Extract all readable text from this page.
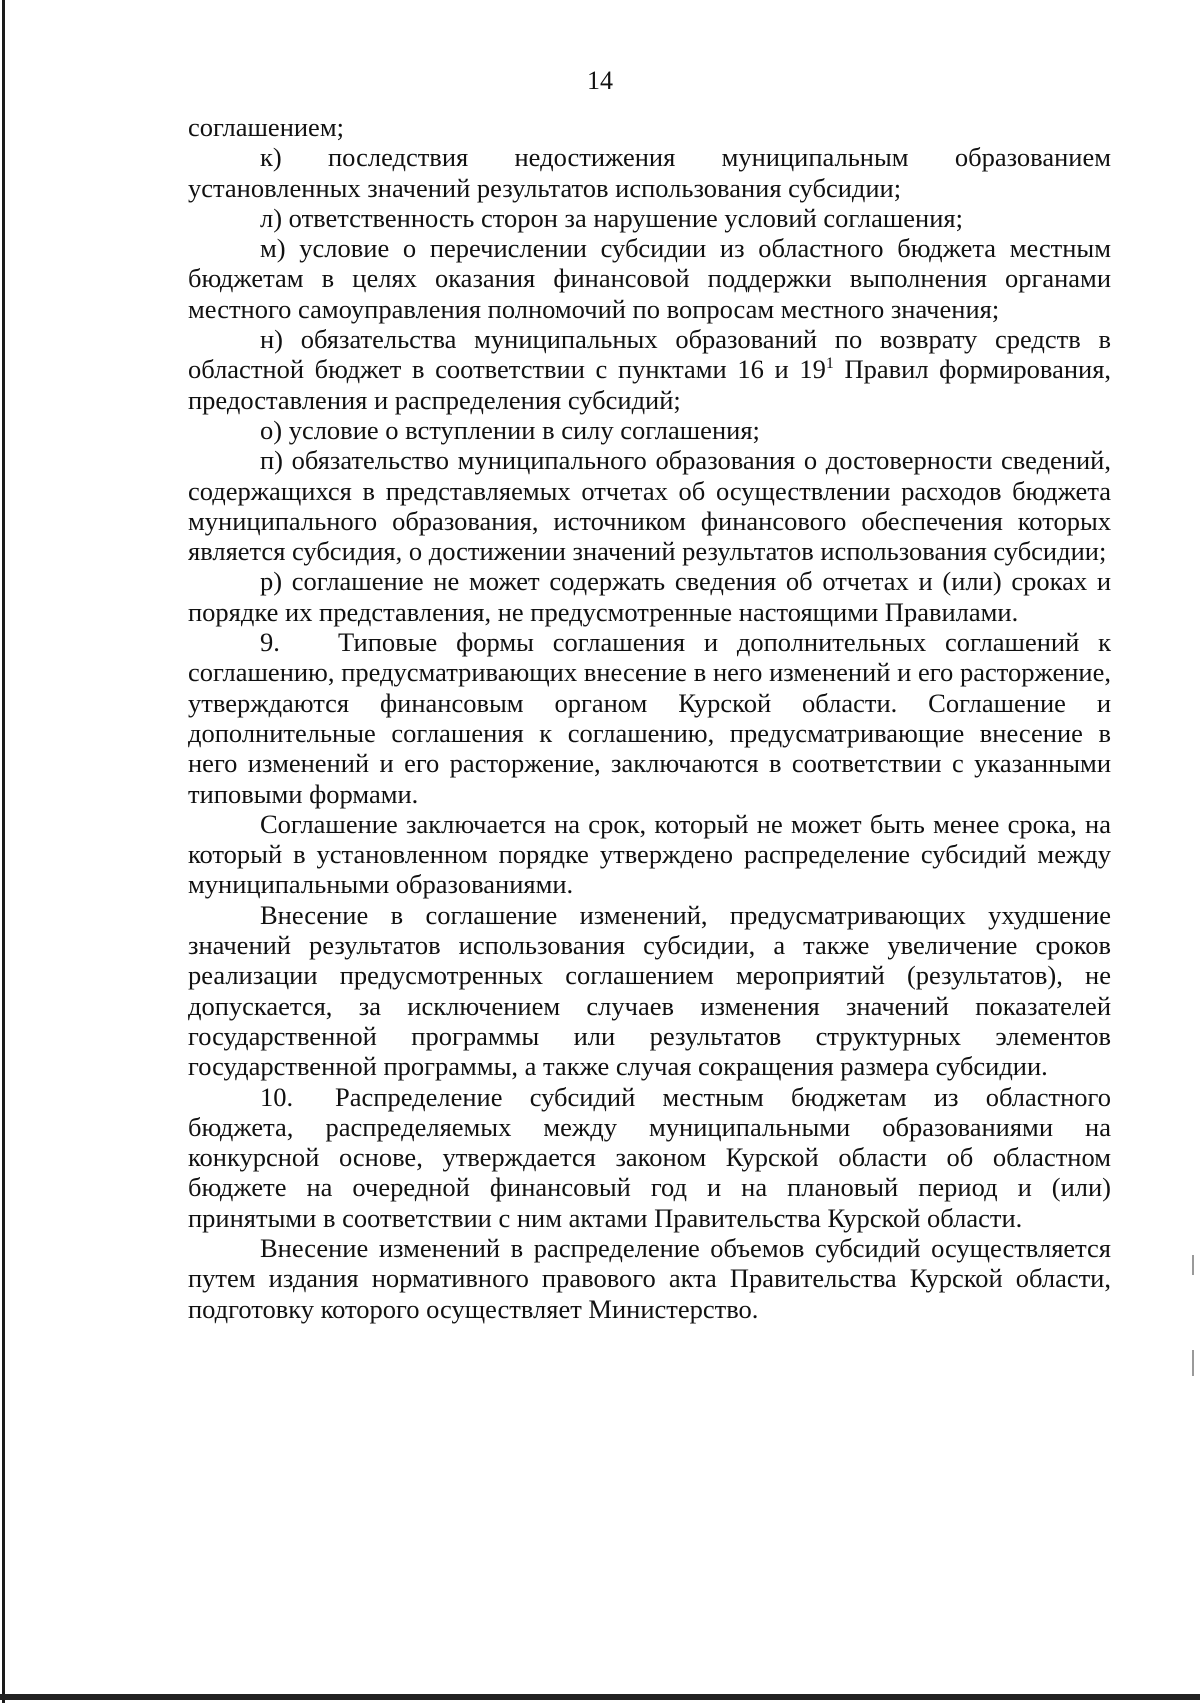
14

соглашением;

к) последствия недостижения муниципальным образованием установленных значений результатов использования субсидии;

л) ответственность сторон за нарушение условий соглашения;

м) условие о перечислении субсидии из областного бюджета местным бюджетам в целях оказания финансовой поддержки выполнения органами местного самоуправления полномочий по вопросам местного значения;

н) обязательства муниципальных образований по возврату средств в областной бюджет в соответствии с пунктами 16 и $19^1$ Правил формирования, предоставления и распределения субсидий;

о) условие о вступлении в силу соглашения;

п) обязательство муниципального образования о достоверности сведений, содержащихся в представляемых отчетах об осуществлении расходов бюджета муниципального образования, источником финансового обеспечения которых является субсидия, о достижении значений результатов использования субсидии;

р) соглашение не может содержать сведения об отчетах и (или) сроках и порядке их представления, не предусмотренные настоящими Правилами.

9. Типовые формы соглашения и дополнительных соглашений к соглашению, предусматривающих внесение в него изменений и его расторжение, утверждаются финансовым органом Курской области. Соглашение и дополнительные соглашения к соглашению, предусматривающие внесение в него изменений и его расторжение, заключаются в соответствии с указанными типовыми формами.

Соглашение заключается на срок, который не может быть менее срока, на который в установленном порядке утверждено распределение субсидий между муниципальными образованиями.

Внесение в соглашение изменений, предусматривающих ухудшение значений результатов использования субсидии, а также увеличение сроков реализации предусмотренных соглашением мероприятий (результатов), не допускается, за исключением случаев изменения значений показателей государственной программы или результатов структурных элементов государственной программы, а также случая сокращения размера субсидии.

10. Распределение субсидий местным бюджетам из областного бюджета, распределяемых между муниципальными образованиями на конкурсной основе, утверждается законом Курской области об областном бюджете на очередной финансовый год и на плановый период и (или) принятыми в соответствии с ним актами Правительства Курской области.

Внесение изменений в распределение объемов субсидий осуществляется путем издания нормативного правового акта Правительства Курской области, подготовку которого осуществляет Министерство.
